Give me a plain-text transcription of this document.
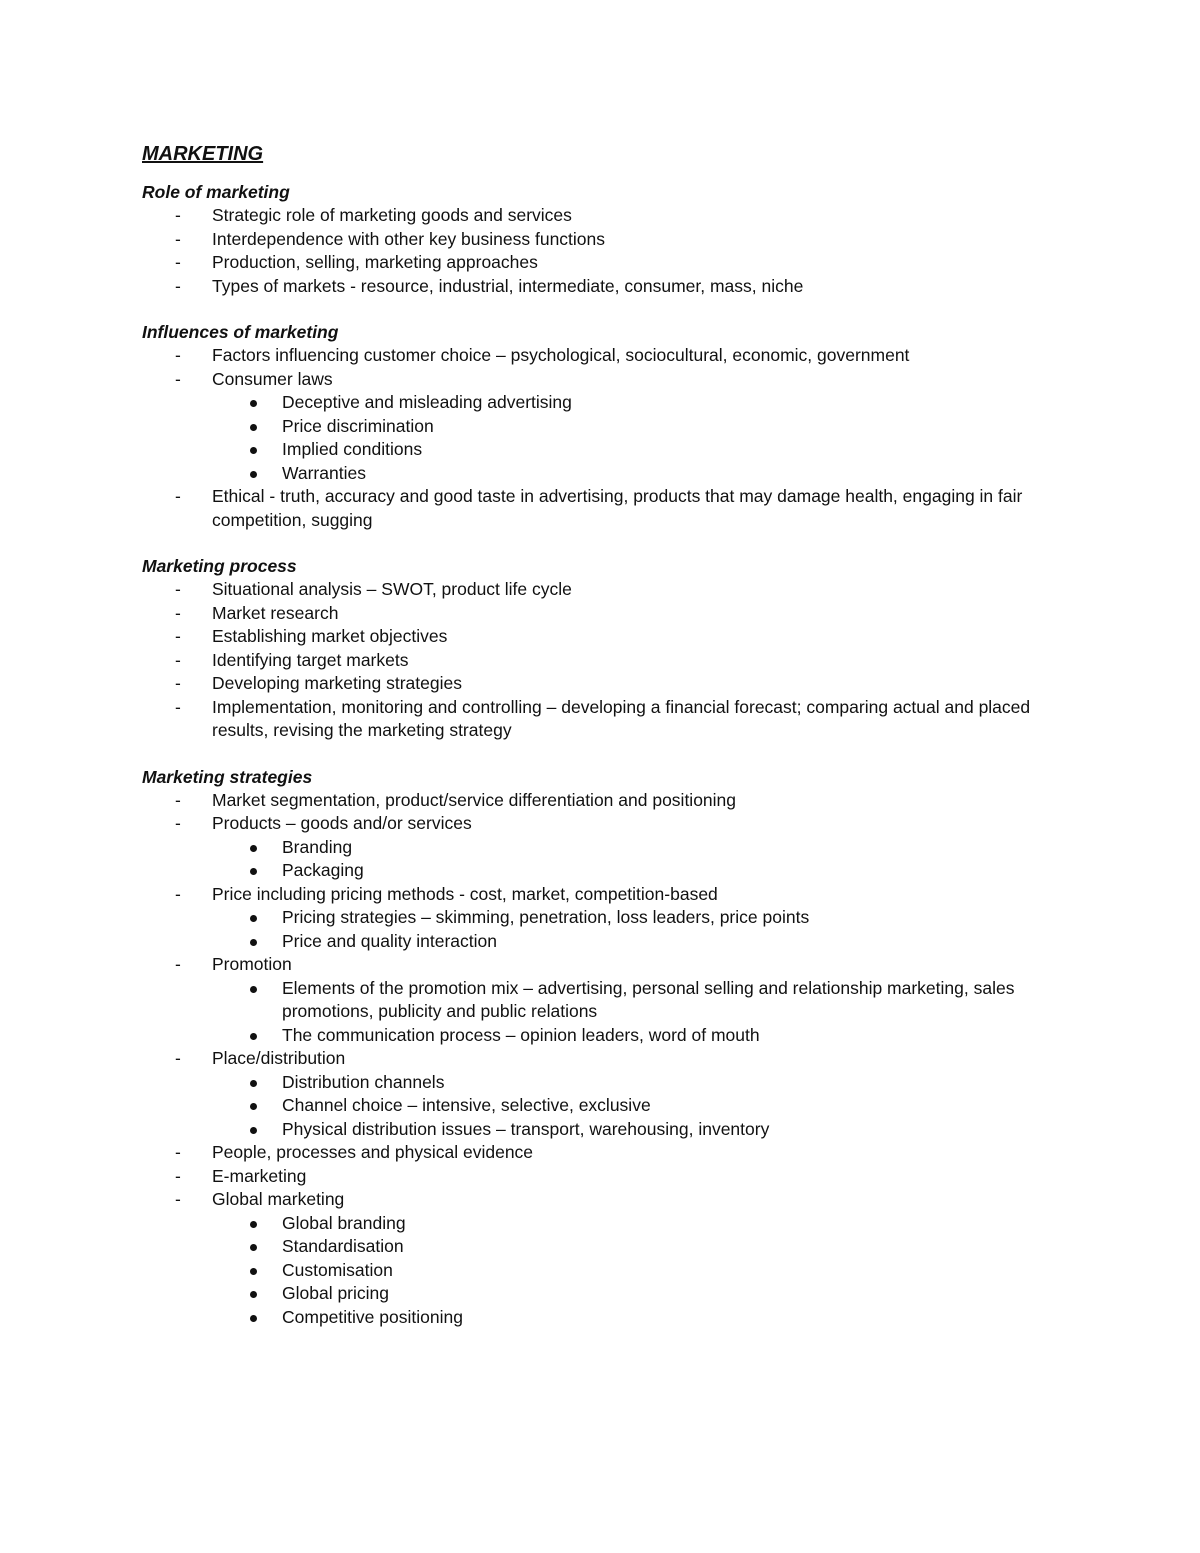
MARKETING
Role of marketing
- Strategic role of marketing goods and services
- Interdependence with other key business functions
- Production, selling, marketing approaches
- Types of markets - resource, industrial, intermediate, consumer, mass, niche
Influences of marketing
- Factors influencing customer choice – psychological, sociocultural, economic, government
- Consumer laws
Deceptive and misleading advertising
Price discrimination
Implied conditions
Warranties
- Ethical - truth, accuracy and good taste in advertising, products that may damage health, engaging in fair competition, sugging
Marketing process
- Situational analysis – SWOT, product life cycle
- Market research
- Establishing market objectives
- Identifying target markets
- Developing marketing strategies
- Implementation, monitoring and controlling – developing a financial forecast; comparing actual and placed results, revising the marketing strategy
Marketing strategies
- Market segmentation, product/service differentiation and positioning
- Products – goods and/or services
Branding
Packaging
- Price including pricing methods - cost, market, competition-based
Pricing strategies – skimming, penetration, loss leaders, price points
Price and quality interaction
- Promotion
Elements of the promotion mix – advertising, personal selling and relationship marketing, sales promotions, publicity and public relations
The communication process – opinion leaders, word of mouth
- Place/distribution
Distribution channels
Channel choice – intensive, selective, exclusive
Physical distribution issues – transport, warehousing, inventory
- People, processes and physical evidence
- E-marketing
- Global marketing
Global branding
Standardisation
Customisation
Global pricing
Competitive positioning
